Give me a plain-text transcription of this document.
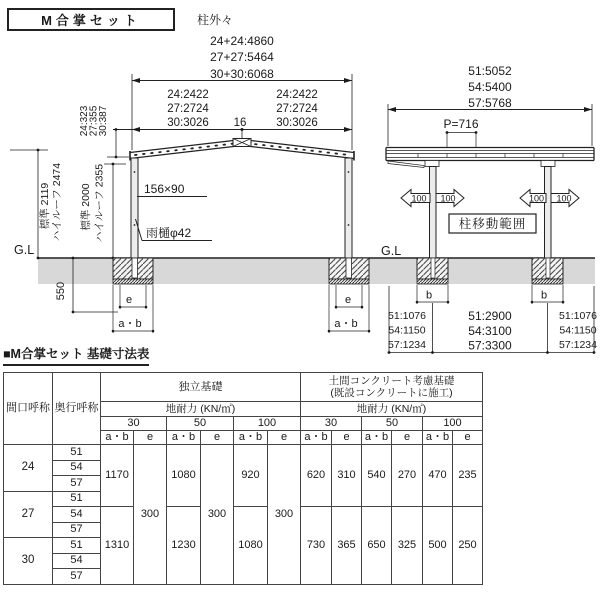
M合掌セット	柱外々
24+24:4860
27+27:5464
30+30:6068
24:2422
27:2724
30:3026
24:2422
27:2724
30:3026
16
24:323
27:355
30:387
156×90
雨樋φ42
標準 2119 ハイルーフ 2474 標準 2000 ハイルーフ 2355
G.L
550	e
a・b
e
a・b
51:5052
54:5400
57:5768
P=716
100 100	100 100
柱移動範囲
G.L
b	b
51:1076
54:1150
57:1234
51:2900
54:3100
57:3300
51:1076
54:1150
57:1234
■M合掌セット 基礎寸法表
間口呼称	奥行呼称	独立基礎						土間コンクリート考慮基礎
(既設コンクリートに施工)					

		地耐力 (KN/㎡)						地耐力 (KN/㎡)					
		30		50		100		30		50		100	
		a・b	e	a・b	e	a・b	e	a・b	e	a・b	e	a・b	e
24	51	1170	300	1080	300	920	300	620	310	540	270	470	235
	54												
	57												
27	51												
	54	1310		1230		1080		730	365	650	325	500	250
	57												
30	51												
	54												
	57												
